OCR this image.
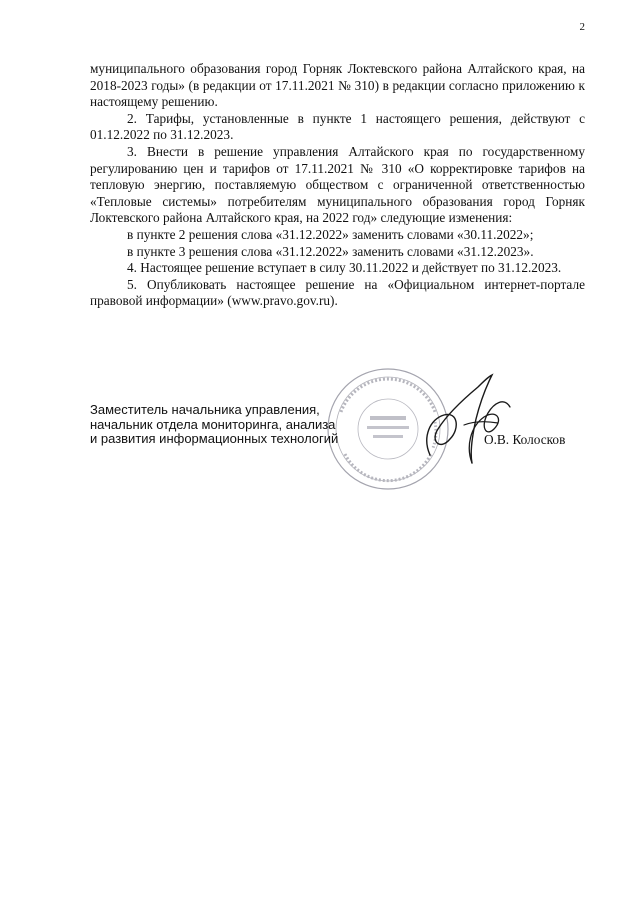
2

муниципального образования город Горняк Локтевского района Алтайского края, на 2018-2023 годы» (в редакции от 17.11.2021 № 310) в редакции согласно приложению к настоящему решению.

2. Тарифы, установленные в пункте 1 настоящего решения, действуют с 01.12.2022 по 31.12.2023.

3. Внести в решение управления Алтайского края по государственному регулированию цен и тарифов от 17.11.2021 № 310 «О корректировке тарифов на тепловую энергию, поставляемую обществом с ограниченной ответственностью «Тепловые системы» потребителям муниципального образования город Горняк Локтевского района Алтайского края, на 2022 год» следующие изменения:

в пункте 2 решения слова «31.12.2022» заменить словами «30.11.2022»;

в пункте 3 решения слова «31.12.2022» заменить словами «31.12.2023».

4. Настоящее решение вступает в силу 30.11.2022 и действует по 31.12.2023.

5. Опубликовать настоящее решение на «Официальном интернет-портале правовой информации» (www.pravo.gov.ru).

Заместитель начальника управления,
начальник отдела мониторинга, анализа
и развития информационных технологий	О.В. Колосков
